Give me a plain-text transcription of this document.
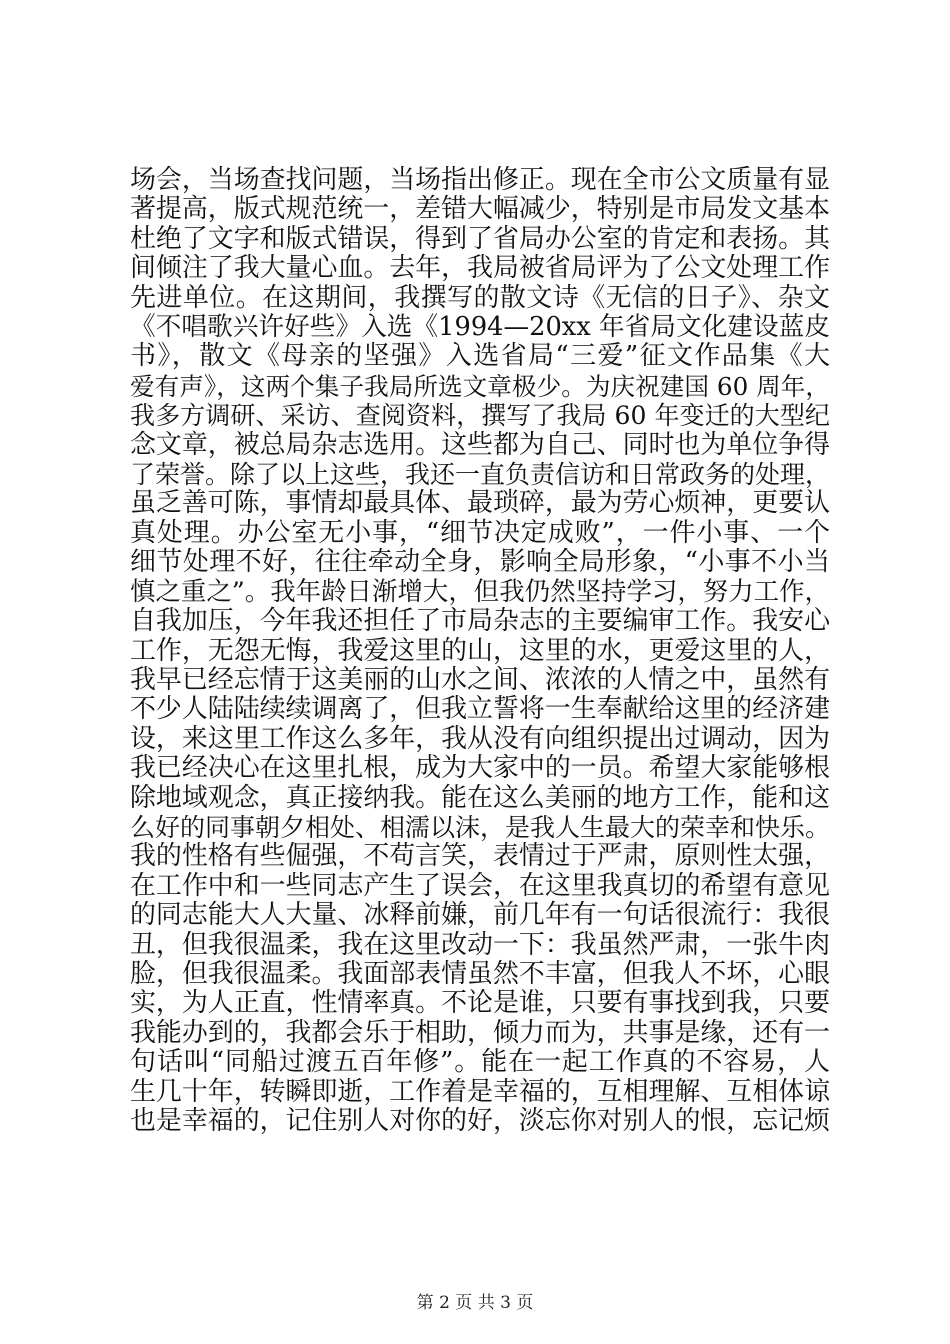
场会，当场查找问题，当场指出修正。现在全市公文质量有显
著提高，版式规范统一，差错大幅减少，特别是市局发文基本
杜绝了文字和版式错误，得到了省局办公室的肯定和表扬。其
间倾注了我大量心血。去年，我局被省局评为了公文处理工作
先进单位。在这期间，我撰写的散文诗《无信的日子》、杂文
《不唱歌兴许好些》入选《1994—20xx 年省局文化建设蓝皮
书》，散文《母亲的坚强》入选省局“三爱”征文作品集《大
爱有声》，这两个集子我局所选文章极少。为庆祝建国 60 周年，
我多方调研、采访、查阅资料，撰写了我局 60 年变迁的大型纪
念文章，被总局杂志选用。这些都为自己、同时也为单位争得
了荣誉。除了以上这些，我还一直负责信访和日常政务的处理，
虽乏善可陈，事情却最具体、最琐碎，最为劳心烦神，更要认
真处理。办公室无小事，“细节决定成败”，一件小事、一个
细节处理不好，往往牵动全身，影响全局形象，“小事不小当
慎之重之”。我年龄日渐增大，但我仍然坚持学习，努力工作，
自我加压，今年我还担任了市局杂志的主要编审工作。我安心
工作，无怨无悔，我爱这里的山，这里的水，更爱这里的人，
我早已经忘情于这美丽的山水之间、浓浓的人情之中，虽然有
不少人陆陆续续调离了，但我立誓将一生奉献给这里的经济建
设，来这里工作这么多年，我从没有向组织提出过调动，因为
我已经决心在这里扎根，成为大家中的一员。希望大家能够根
除地域观念，真正接纳我。能在这么美丽的地方工作，能和这
么好的同事朝夕相处、相濡以沫，是我人生最大的荣幸和快乐。
我的性格有些倔强，不苟言笑，表情过于严肃，原则性太强，
在工作中和一些同志产生了误会，在这里我真切的希望有意见
的同志能大人大量、冰释前嫌，前几年有一句话很流行：我很
丑，但我很温柔，我在这里改动一下：我虽然严肃，一张牛肉
脸，但我很温柔。我面部表情虽然不丰富，但我人不坏，心眼
实，为人正直，性情率真。不论是谁，只要有事找到我，只要
我能办到的，我都会乐于相助，倾力而为，共事是缘，还有一
句话叫“同船过渡五百年修”。能在一起工作真的不容易，人
生几十年，转瞬即逝，工作着是幸福的，互相理解、互相体谅
也是幸福的，记住别人对你的好，淡忘你对别人的恨，忘记烦
第 2 页 共 3 页
